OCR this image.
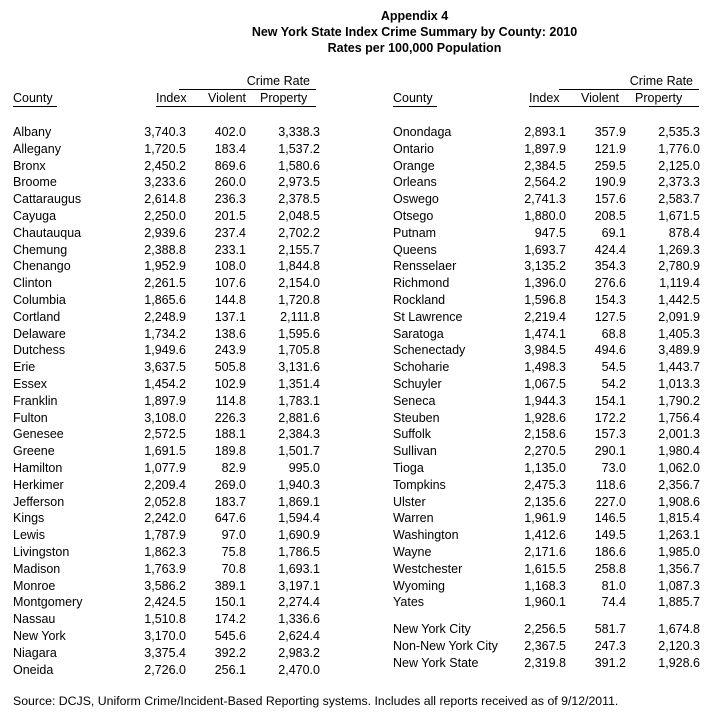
Appendix 4
New York State Index Crime Summary by County: 2010
Rates per 100,000 Population
Crime Rate
County	Index Violent Property
Albany	3,740.3 402.0	3,338.3
Allegany	1,720.5 183.4	1,537.2
Bronx	2,450.2 869.6	1,580.6
Broome	3,233.6 260.0	2,973.5
Cattaraugus	2,614.8 236.3	2,378.5
Cayuga	2,250.0 201.5	2,048.5
Chautauqua	2,939.6 237.4	2,702.2
Chemung	2,388.8 233.1	2,155.7
Chenango	1,952.9 108.0	1,844.8
Clinton	2,261.5 107.6	2,154.0
Columbia	1,865.6 144.8	1,720.8
Cortland	2,248.9 137.1	2,111.8
Delaware	1,734.2 138.6	1,595.6
Dutchess	1,949.6 243.9	1,705.8
Erie	3,637.5 505.8	3,131.6
Essex	1,454.2 102.9	1,351.4
Franklin	1,897.9 114.8	1,783.1
Fulton	3,108.0 226.3	2,881.6
Genesee	2,572.5 188.1	2,384.3
Greene	1,691.5 189.8	1,501.7
Hamilton	1,077.9	82.9	995.0
Herkimer	2,209.4 269.0	1,940.3
Jefferson	2,052.8 183.7	1,869.1
Kings	2,242.0 647.6	1,594.4
Lewis	1,787.9	97.0	1,690.9
Livingston	1,862.3	75.8	1,786.5
Madison	1,763.9	70.8	1,693.1
Monroe	3,586.2 389.1	3,197.1
Montgomery	2,424.5 150.1	2,274.4
Nassau	1,510.8 174.2	1,336.6
New York	3,170.0 545.6	2,624.4
Niagara	3,375.4 392.2	2,983.2
Oneida	2,726.0 256.1	2,470.0
Crime Rate
County	Index Violent Property
Onondaga	2,893.1 357.9	2,535.3
Ontario	1,897.9 121.9	1,776.0
Orange	2,384.5 259.5	2,125.0
Orleans	2,564.2 190.9	2,373.3
Oswego	2,741.3 157.6	2,583.7
Otsego	1,880.0 208.5	1,671.5
Putnam	947.5	69.1	878.4
Queens	1,693.7 424.4	1,269.3
Rensselaer	3,135.2 354.3	2,780.9
Richmond	1,396.0 276.6	1,119.4
Rockland	1,596.8 154.3	1,442.5
St Lawrence	2,219.4 127.5	2,091.9
Saratoga	1,474.1	68.8	1,405.3
Schenectady	3,984.5 494.6	3,489.9
Schoharie	1,498.3	54.5	1,443.7
Schuyler	1,067.5	54.2	1,013.3
Seneca	1,944.3 154.1	1,790.2
Steuben	1,928.6 172.2	1,756.4
Suffolk	2,158.6 157.3	2,001.3
Sullivan	2,270.5 290.1	1,980.4
Tioga	1,135.0	73.0	1,062.0
Tompkins	2,475.3 118.6	2,356.7
Ulster	2,135.6 227.0	1,908.6
Warren	1,961.9 146.5	1,815.4
Washington	1,412.6 149.5	1,263.1
Wayne	2,171.6 186.6	1,985.0
Westchester	1,615.5 258.8	1,356.7
Wyoming	1,168.3	81.0	1,087.3
Yates	1,960.1	74.4	1,885.7
New York City	2,256.5 581.7	1,674.8
Non-New York City 2,367.5 247.3	2,120.3
New York State	2,319.8 391.2	1,928.6
Source: DCJS, Uniform Crime/Incident-Based Reporting systems. Includes all reports received as of 9/12/2011.
